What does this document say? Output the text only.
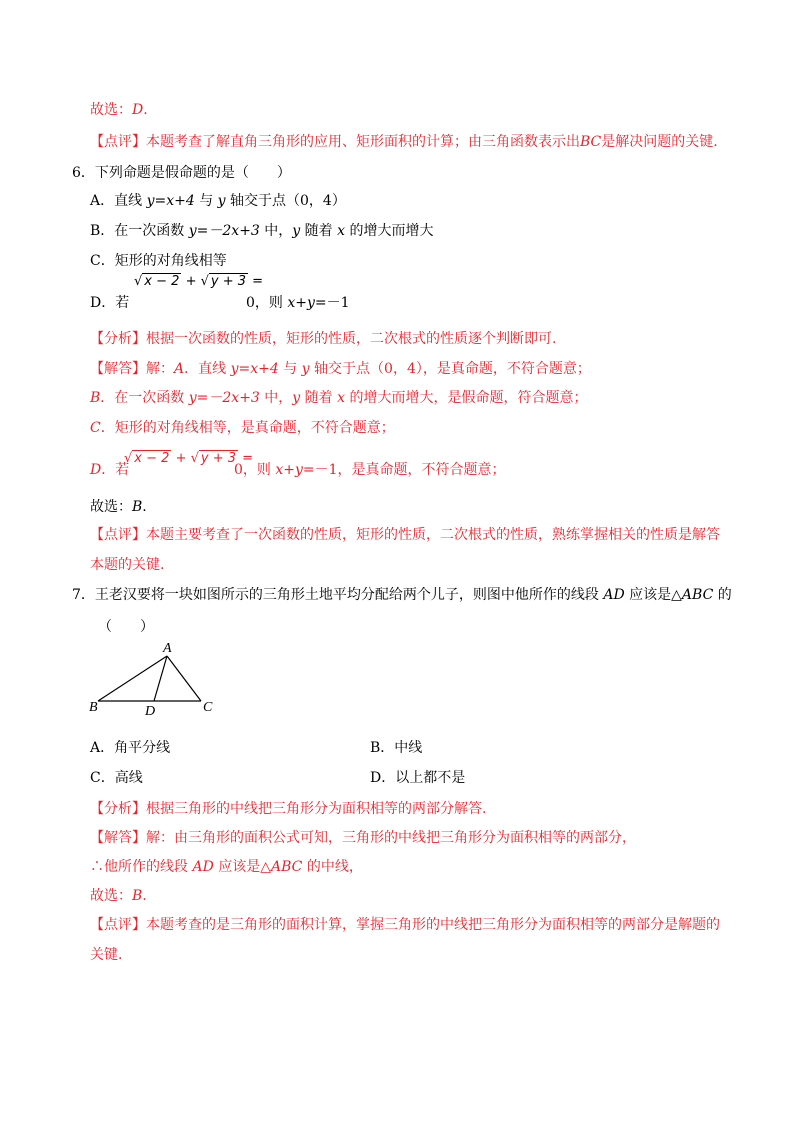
故选：D.
【点评】本题考查了解直角三角形的应用、矩形面积的计算；由三角函数表示出BC是解决问题的关键.
6．下列命题是假命题的是（　　）
A．直线 y=x+4 与 y 轴交于点（0，4）
B．在一次函数 y=－2x+3 中，y 随着 x 的增大而增大
C．矩形的对角线相等
D．若
√ x − 2 + √ y + 3 =
0，则 x+y=－1
【分析】根据一次函数的性质，矩形的性质，二次根式的性质逐个判断即可.
【解答】解：A．直线 y=x+4 与 y 轴交于点（0，4），是真命题，不符合题意；
B．在一次函数 y=－2x+3 中，y 随着 x 的增大而增大，是假命题，符合题意；
C．矩形的对角线相等，是真命题，不符合题意；
D．若
√ x − 2 + √ y + 3 =
0，则 x+y=－1，是真命题，不符合题意；
故选：B.
【点评】本题主要考查了一次函数的性质，矩形的性质，二次根式的性质，熟练掌握相关的性质是解答本题的关键.
7．王老汉要将一块如图所示的三角形土地平均分配给两个儿子，则图中他所作的线段 AD 应该是△ABC 的
（　　）
A
B	C
D
A．角平分线	B．中线
C．高线	D．以上都不是
【分析】根据三角形的中线把三角形分为面积相等的两部分解答.
【解答】解：由三角形的面积公式可知，三角形的中线把三角形分为面积相等的两部分，
∴他所作的线段 AD 应该是△ABC 的中线，
故选：B.
【点评】本题考查的是三角形的面积计算，掌握三角形的中线把三角形分为面积相等的两部分是解题的关键.
